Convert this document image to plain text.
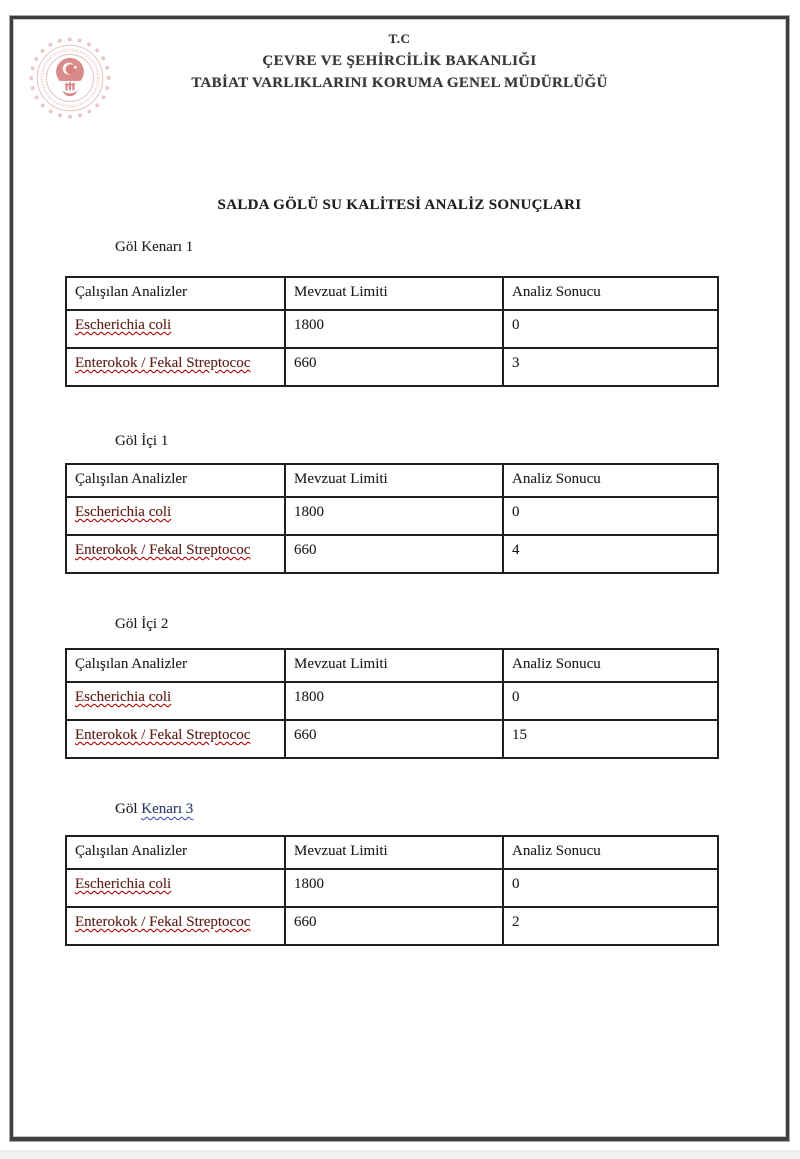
T.C
ÇEVRE VE ŞEHİRCİLİK BAKANLIĞI
TABİAT VARLIKLARINI KORUMA GENEL MÜDÜRLÜĞÜ
SALDA GÖLÜ SU KALİTESİ ANALİZ SONUÇLARI
Göl Kenarı 1
Çalışılan Analizler	Mevzuat Limiti	Analiz Sonucu
Escherichia coli	1800	0
Enterokok / Fekal Streptococ	660	3
Göl İçi 1
Çalışılan Analizler	Mevzuat Limiti	Analiz Sonucu
Escherichia coli	1800	0
Enterokok / Fekal Streptococ	660	4
Göl İçi 2
Çalışılan Analizler	Mevzuat Limiti	Analiz Sonucu
Escherichia coli	1800	0
Enterokok / Fekal Streptococ	660	15
Göl Kenarı 3
Çalışılan Analizler	Mevzuat Limiti	Analiz Sonucu
Escherichia coli	1800	0
Enterokok / Fekal Streptococ	660	2
